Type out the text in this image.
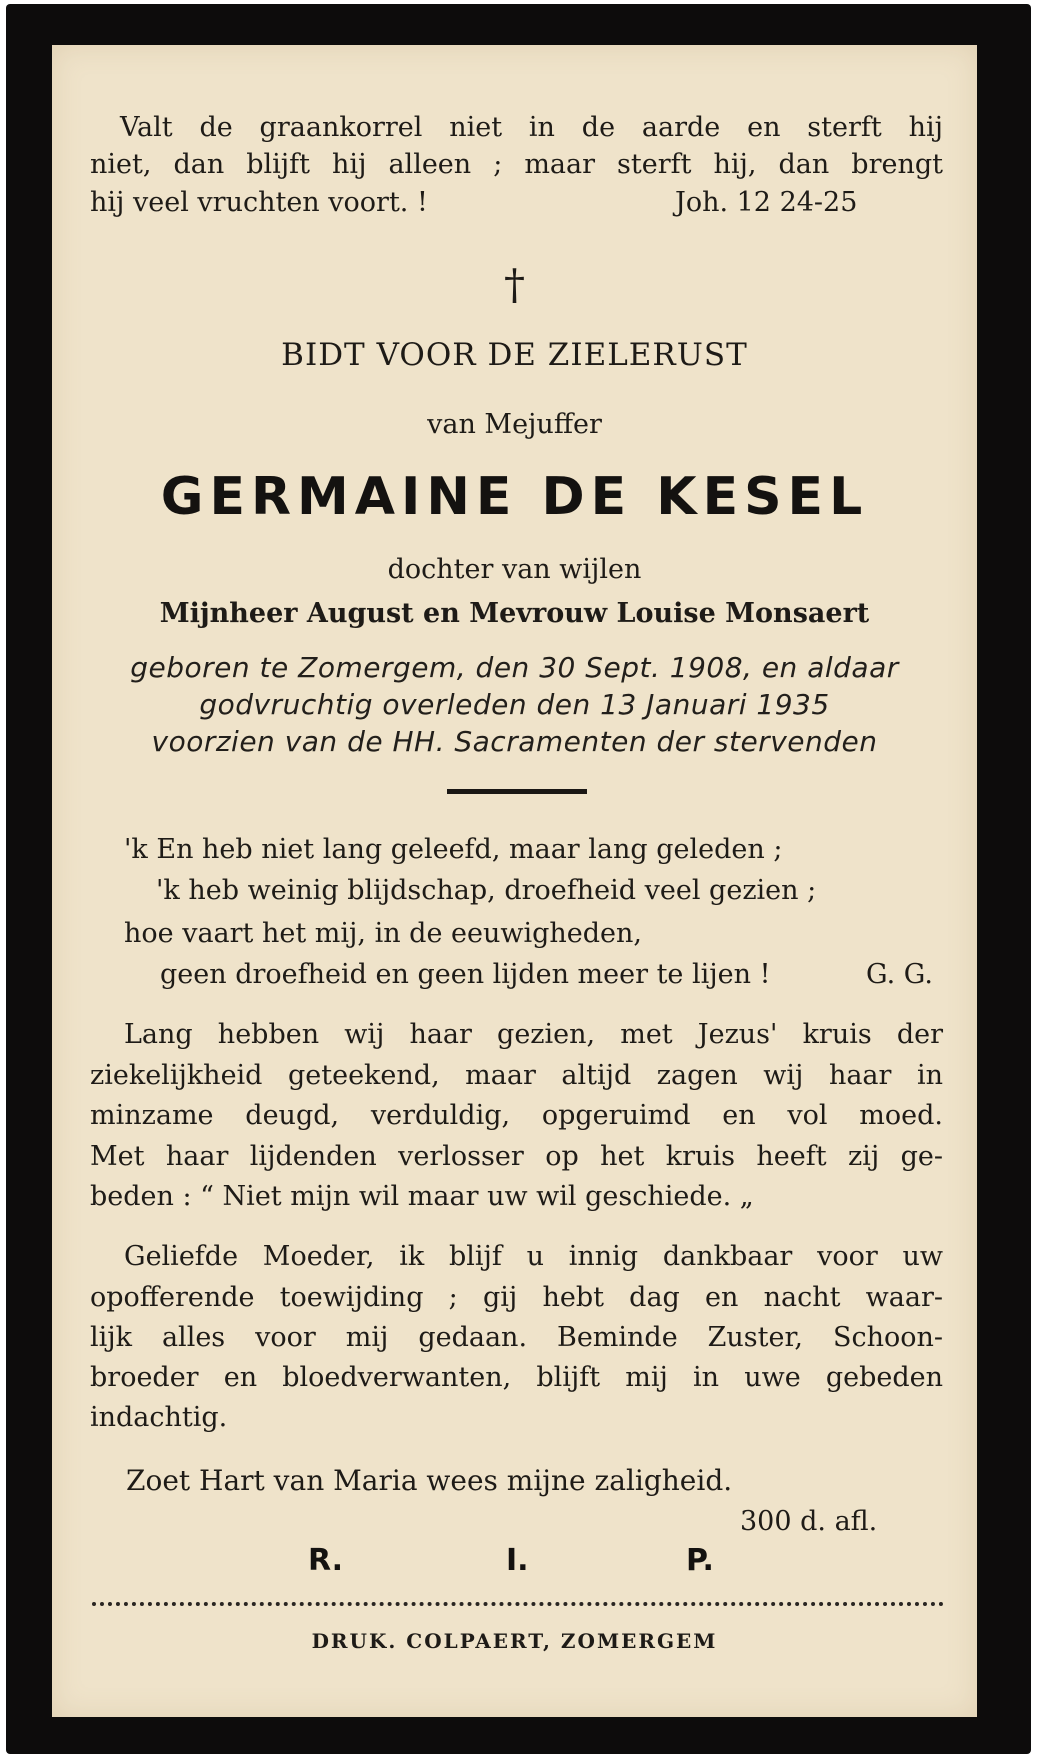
Valt de graankorrel niet in de aarde en sterft hij
niet, dan blijft hij alleen ; maar sterft hij, dan brengt
hij veel vruchten voort. !	Joh. 12 24-25
†
BIDT VOOR DE ZIELERUST
van Mejuffer
GERMAINE DE KESEL
dochter van wijlen
Mijnheer August en Mevrouw Louise Monsaert
geboren te Zomergem, den 30 Sept. 1908, en aldaar
godvruchtig overleden den 13 Januari 1935
voorzien van de HH. Sacramenten der stervenden
'k En heb niet lang geleefd, maar lang geleden ;
'k heb weinig blijdschap, droefheid veel gezien ;
hoe vaart het mij, in de eeuwigheden,
geen droefheid en geen lijden meer te lijen !	G. G.
Lang hebben wij haar gezien, met Jezus' kruis der
ziekelijkheid geteekend, maar altijd zagen wij haar in
minzame deugd, verduldig, opgeruimd en vol moed.
Met haar lijdenden verlosser op het kruis heeft zij ge-
beden : “ Niet mijn wil maar uw wil geschiede. „
Geliefde Moeder, ik blijf u innig dankbaar voor uw
opofferende toewijding ; gij hebt dag en nacht waar-
lijk alles voor mij gedaan. Beminde Zuster, Schoon-
broeder en bloedverwanten, blijft mij in uwe gebeden
indachtig.
Zoet Hart van Maria wees mijne zaligheid.
300 d. afl.
R.	I.	P.
DRUK. COLPAERT, ZOMERGEM
